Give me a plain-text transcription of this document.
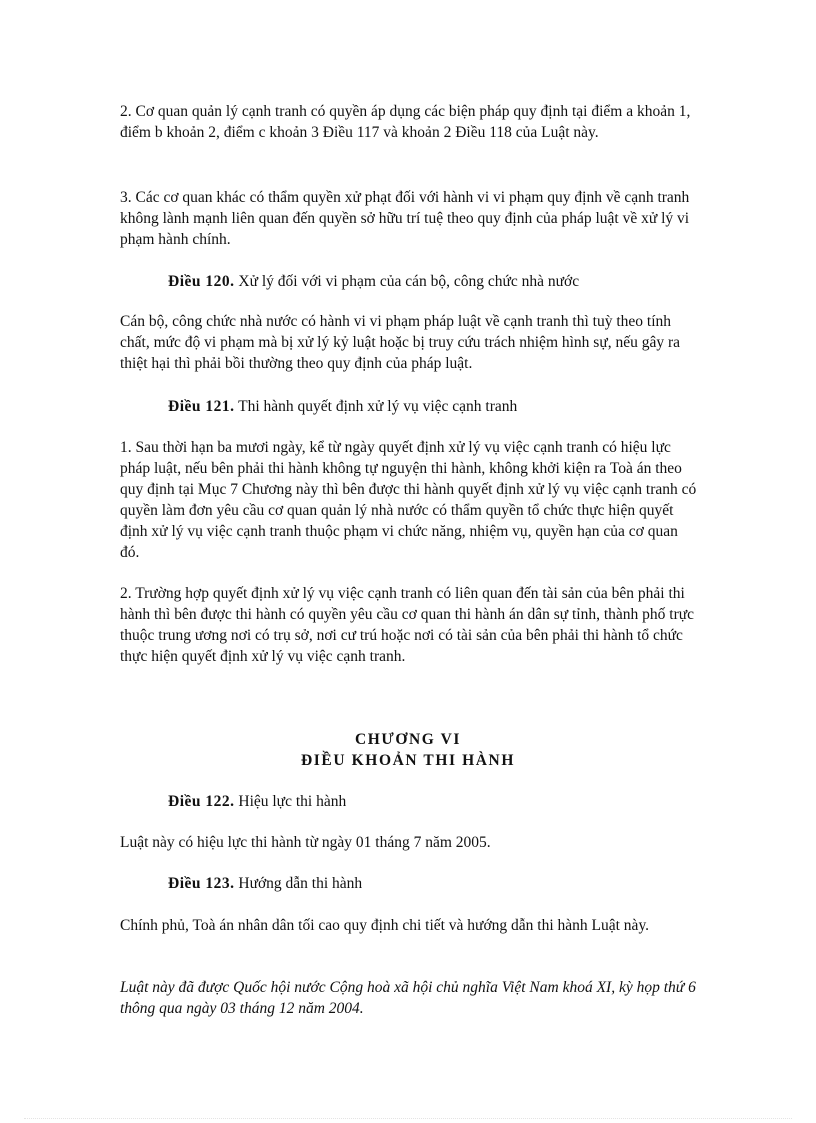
2. Cơ quan quản lý cạnh tranh có quyền áp dụng các biện pháp quy định tại điểm a khoản 1, điểm b khoản 2, điểm c khoản 3 Điều 117 và khoản 2 Điều 118 của Luật này.

3. Các cơ quan khác có thẩm quyền xử phạt đối với hành vi vi phạm quy định về cạnh tranh không lành mạnh liên quan đến quyền sở hữu trí tuệ theo quy định của pháp luật về xử lý vi phạm hành chính.

Điều 120. Xử lý đối với vi phạm của cán bộ, công chức nhà nước

Cán bộ, công chức nhà nước có hành vi vi phạm pháp luật về cạnh tranh thì tuỳ theo tính chất, mức độ vi phạm mà bị xử lý kỷ luật hoặc bị truy cứu trách nhiệm hình sự, nếu gây ra thiệt hại thì phải bồi thường theo quy định của pháp luật.

Điều 121. Thi hành quyết định xử lý vụ việc cạnh tranh

1. Sau thời hạn ba mươi ngày, kể từ ngày quyết định xử lý vụ việc cạnh tranh có hiệu lực pháp luật, nếu bên phải thi hành không tự nguyện thi hành, không khởi kiện ra Toà án theo quy định tại Mục 7 Chương này thì bên được thi hành quyết định xử lý vụ việc cạnh tranh có quyền làm đơn yêu cầu cơ quan quản lý nhà nước có thẩm quyền tổ chức thực hiện quyết định xử lý vụ việc cạnh tranh thuộc phạm vi chức năng, nhiệm vụ, quyền hạn của cơ quan đó.

2. Trường hợp quyết định xử lý vụ việc cạnh tranh có liên quan đến tài sản của bên phải thi hành thì bên được thi hành có quyền yêu cầu cơ quan thi hành án dân sự tỉnh, thành phố trực thuộc trung ương nơi có trụ sở, nơi cư trú hoặc nơi có tài sản của bên phải thi hành tổ chức thực hiện quyết định xử lý vụ việc cạnh tranh.

CHƯƠNG VI

ĐIỀU KHOẢN THI HÀNH

Điều 122. Hiệu lực thi hành

Luật này có hiệu lực thi hành từ ngày 01 tháng 7 năm 2005.

Điều 123. Hướng dẫn thi hành

Chính phủ, Toà án nhân dân tối cao quy định chi tiết và hướng dẫn thi hành Luật này.

Luật này đã được Quốc hội nước Cộng hoà xã hội chủ nghĩa Việt Nam khoá XI, kỳ họp thứ 6 thông qua ngày 03 tháng 12 năm 2004.
